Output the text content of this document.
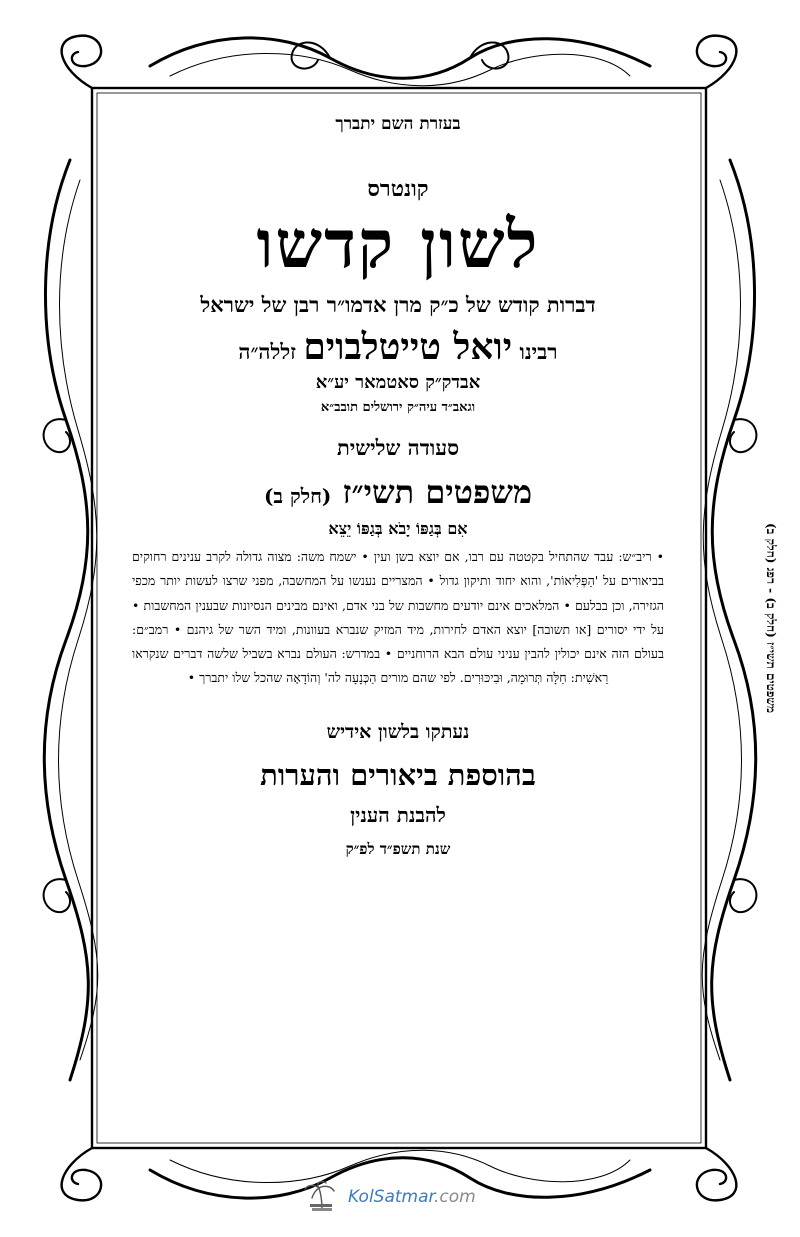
בעזרת השם יתברך
קונטרס
לשון קדשו
דברות קודש של כ״ק מרן אדמו״ר רבן של ישראל
רבינו יואל טייטלבוים זללה״ה
אבדק״ק סאטמאר יע״א
וגאב״ד עיה״ק ירושלים תובב״א
סעודה שלישית
משפטים תשי״ז (חלק ב)
אִם בְּגַפּוֹ יָבֹא בְּגַפּוֹ יֵצֵא

• ריב״ש: עבד שהתחיל בקטטה עם רבו, אם יוצא בשן ועין • ישמח משה: מצוה גדולה לקרב ענינים רחוקים בביאורים על 'הַפְּלִיאוֹת', והוא יחוד ותיקון גדול • המצריים נענשו על המחשבה, מפני שרצו לעשות יותר מכפי הגזירה, וכן בבלעם • המלאכים אינם יודעים מחשבות של בני אדם, ואינם מבינים הנסיונות שבענין המחשבות • על ידי יסורים [או תשובה] יוצא האדם לחירות, מיד המזיק שנברא בעוונות, ומיד השר של גיהנם • רמב״ם: בעולם הזה אינם יכולין להבין עניני עולם הבא הרוחניים • במדרש: העולם נברא בשביל שלשה דברים שנקראו רֵאשִׁית: חַלָּה תְּרוּמָה, וּבִיכּוּרִים. לפי שהם מורים הַכְּנָעָה לה' וְהוֹדָאָה שהכל שלו יתברך •

נעתקו בלשון אידיש
בהוספת ביאורים והערות
להבנת הענין
שנת תשפ״ד לפ״ק
משפטים תשי״ז (חלק ב) - רפג (חלק ב)
KolSatmar.com
